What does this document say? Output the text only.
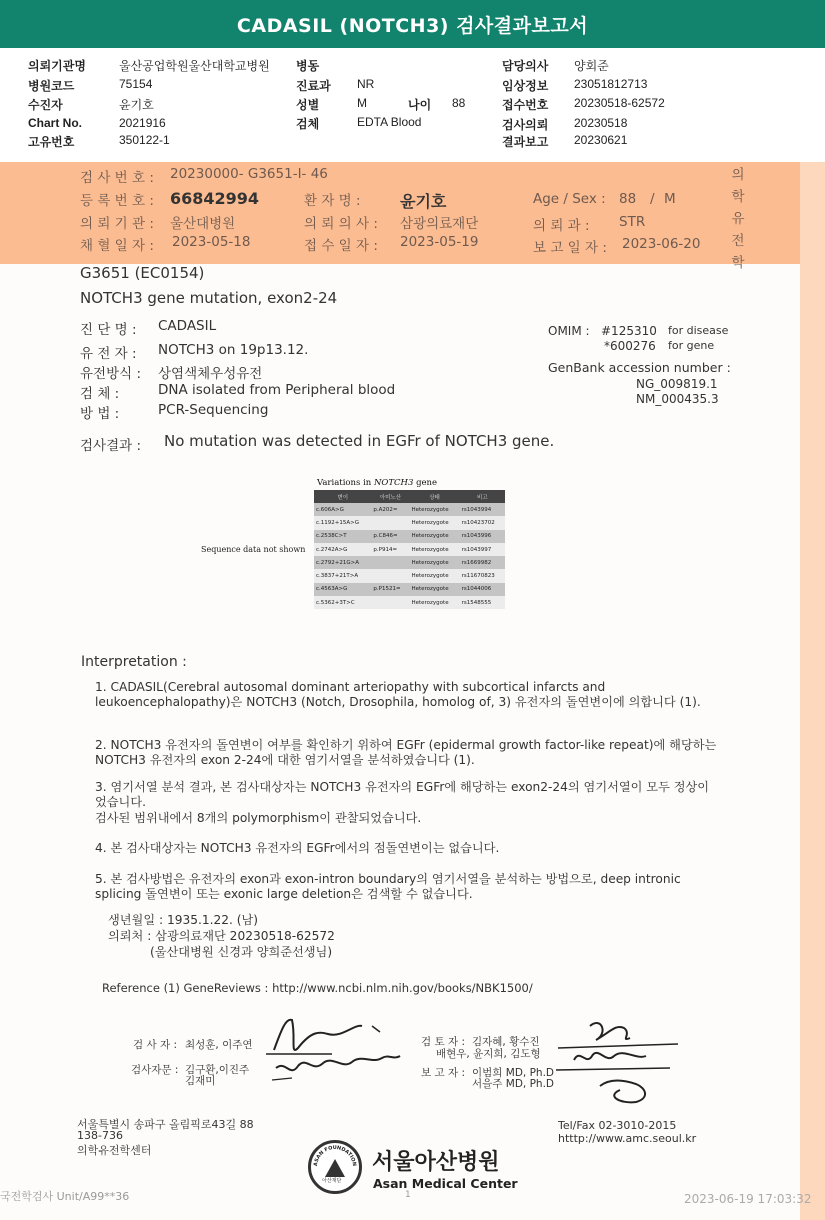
CADASIL (NOTCH3) 검사결과보고서
의뢰기관명	울산공업학원울산대학교병원
병원코드	75154
수진자	윤기호
Chart No.	2021916
고유번호	350122-1
병동
진료과 NR
성별	M	나이 88
검체	EDTA Blood
담당의사 양회준
임상정보 23051812713
접수번호 20230518-62572
검사의뢰 20230518
결과보고 20230621
검 사 번 호 : 20230000- G3651-I- 46
등 록 번 호 : 66842994	환 자 명 : 윤기호	Age / Sex : 88 / M
의 뢰 기 관 : 울산대병원	의 뢰 의 사 : 삼광의료재단	의 뢰 과 : STR
채 혈 일 자 : 2023-05-18	접 수 일 자 : 2023-05-19	보 고 일 자 : 2023-06-20
의
학
유
전
학
G3651 (EC0154)
NOTCH3 gene mutation, exon2-24
진 단 명 : CADASIL
유 전 자 : NOTCH3 on 19p13.12.
유전방식 : 상염색체우성유전
검 체 :	DNA isolated from Peripheral blood
방 법 :	PCR-Sequencing
OMIM : #125310 for disease
*600276 for gene
GenBank accession number :
NG_009819.1
NM_000435.3
검사결과 : No mutation was detected in EGFr of NOTCH3 gene.
Variations in NOTCH3 gene
변이	아미노산	상태	비고
c.606A>G	p.A202=	Heterozygote	rs1043994
c.1192+15A>G		Heterozygote	rs10423702
c.2538C>T	p.C846=	Heterozygote	rs1043996
c.2742A>G	p.P914=	Heterozygote	rs1043997
c.2792+21G>A		Heterozygote	rs1669982
c.3837+21T>A		Heterozygote	rs11670823
c.4563A>G	p.P1521=	Heterozygote	rs1044006
c.5362+3T>C		Heterozygote	rs1548555
Sequence data not shown
Interpretation :
1. CADASIL(Cerebral autosomal dominant arteriopathy with subcortical infarcts and leukoencephalopathy)은 NOTCH3 (Notch, Drosophila, homolog of, 3) 유전자의 돌연변이에 의합니다 (1).
2. NOTCH3 유전자의 돌연변이 여부를 확인하기 위하여 EGFr (epidermal growth factor-like repeat)에 해당하는 NOTCH3 유전자의 exon 2-24에 대한 염기서열을 분석하였습니다 (1).
3. 염기서열 분석 결과, 본 검사대상자는 NOTCH3 유전자의 EGFr에 해당하는 exon2-24의 염기서열이 모두 정상이었습니다.
검사된 범위내에서 8개의 polymorphism이 관찰되었습니다.
4. 본 검사대상자는 NOTCH3 유전자의 EGFr에서의 점돌연변이는 없습니다.
5. 본 검사방법은 유전자의 exon과 exon-intron boundary의 염기서열을 분석하는 방법으로, deep intronic splicing 돌연변이 또는 exonic large deletion은 검색할 수 없습니다.
생년월일 : 1935.1.22. (남)
의뢰처 : 삼광의료재단 20230518-62572
(울산대병원 신경과 양희준선생님)
Reference (1) GeneReviews : http://www.ncbi.nlm.nih.gov/books/NBK1500/
검 사 자 : 최성훈, 이주연
검사자문 : 김구환,이진주
김재미
검 토 자 : 김자혜, 황수진
배현우, 윤지희, 김도형
보 고 자 : 이범희 MD, Ph.D
서을주 MD, Ph.D
서울특별시 송파구 올림픽로43길 88
138-736
의학유전학센터
Tel/Fax 02-3010-2015
htttp://www.amc.seoul.kr
ASAN FOUNDATION
아산재단
서울아산병원
Asan Medical Center
국전학검사 Unit/A99**36	1	2023-06-19 17:03:32
